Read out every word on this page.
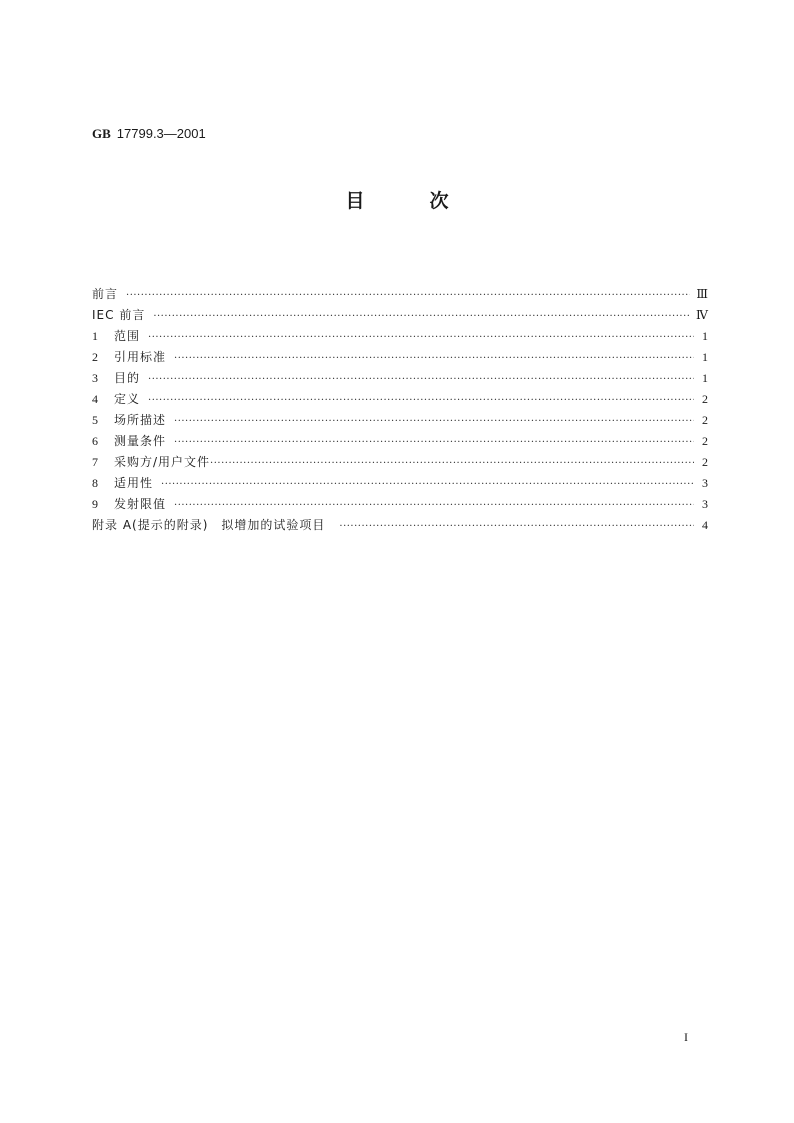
GB 17799.3—2001
目	次
前言 ·····	Ⅲ
IEC 前言 ·····	Ⅳ
1	范围 ·····	1
2	引用标准 ·····	1
3	目的 ·····	1
4	定义 ·····	2
5	场所描述 ·····	2
6	测量条件 ·····	2
7	采购方/用户文件 ·····	2
8	适用性 ·····	3
9	发射限值 ·····	3
附录 A(提示的附录)　拟增加的试验项目 ·····	4
I
